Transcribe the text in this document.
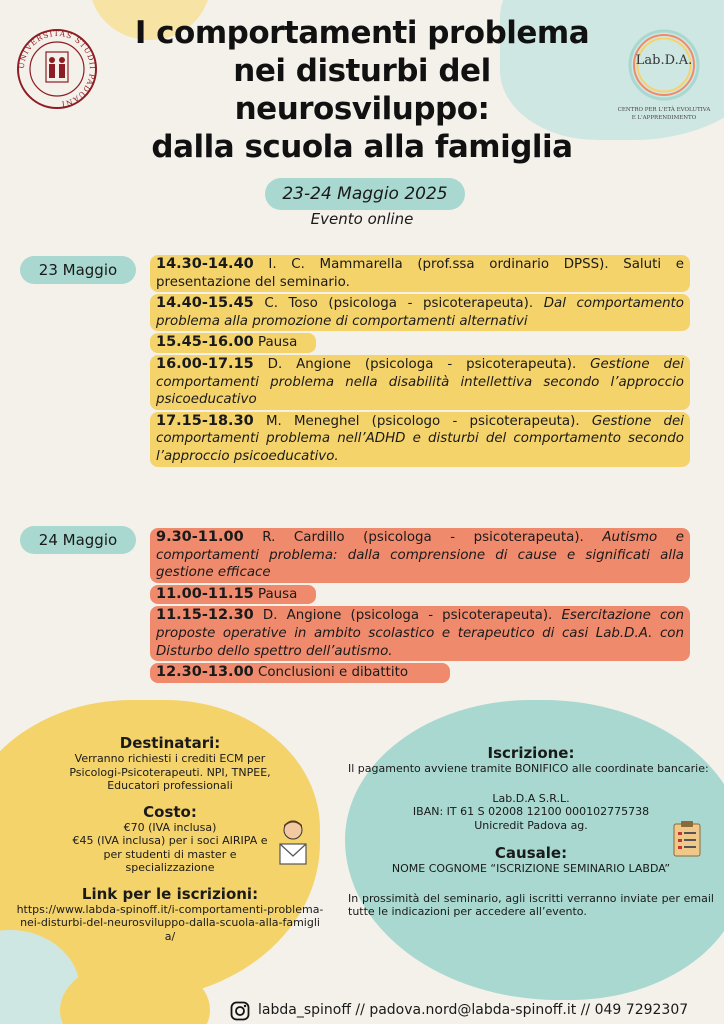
UNIVERSITAS STUDII PADUANI
Lab.D.A.
CENTRO PER L'ETÀ EVOLUTIVA E L'APPRENDIMENTO
I comportamenti problema
nei disturbi del
neurosviluppo:
dalla scuola alla famiglia
23-24 Maggio 2025
Evento online
23 Maggio	14.30-14.40 I. C. Mammarella (prof.ssa ordinario DPSS). Saluti e presentazione del seminario.
14.40-15.45 C. Toso (psicologa - psicoterapeuta). Dal comportamento problema alla promozione di comportamenti alternativi
15.45-16.00 Pausa
16.00-17.15 D. Angione (psicologa - psicoterapeuta). Gestione dei comportamenti problema nella disabilità intellettiva secondo l’approccio psicoeducativo
17.15-18.30 M. Meneghel (psicologo - psicoterapeuta). Gestione dei comportamenti problema nell’ADHD e disturbi del comportamento secondo l’approccio psicoeducativo.
24 Maggio	9.30-11.00 R. Cardillo (psicologa - psicoterapeuta). Autismo e comportamenti problema: dalla comprensione di cause e significati alla gestione efficace
11.00-11.15 Pausa
11.15-12.30 D. Angione (psicologa - psicoterapeuta). Esercitazione con proposte operative in ambito scolastico e terapeutico di casi Lab.D.A. con Disturbo dello spettro dell’autismo.
12.30-13.00 Conclusioni e dibattito
Destinatari:
Verranno richiesti i crediti ECM per Psicologi-Psicoterapeuti. NPI, TNPEE, Educatori professionali
Costo:
€70 (IVA inclusa)
€45 (IVA inclusa) per i soci AIRIPA e
per studenti di master e
specializzazione
Link per le iscrizioni:
https://www.labda-spinoff.it/i-comportamenti-problema-nei-disturbi-del-neurosviluppo-dalla-scuola-alla-famiglia/
Iscrizione:
Il pagamento avviene tramite BONIFICO alle coordinate bancarie:
Lab.D.A S.R.L.
IBAN: IT 61 S 02008 12100 000102775738
Unicredit Padova ag.
Causale:
NOME COGNOME “ISCRIZIONE SEMINARIO LABDA”
In prossimità del seminario, agli iscritti verranno inviate per email tutte le indicazioni per accedere all’evento.
labda_spinoff // padova.nord@labda-spinoff.it // 049 7292307
